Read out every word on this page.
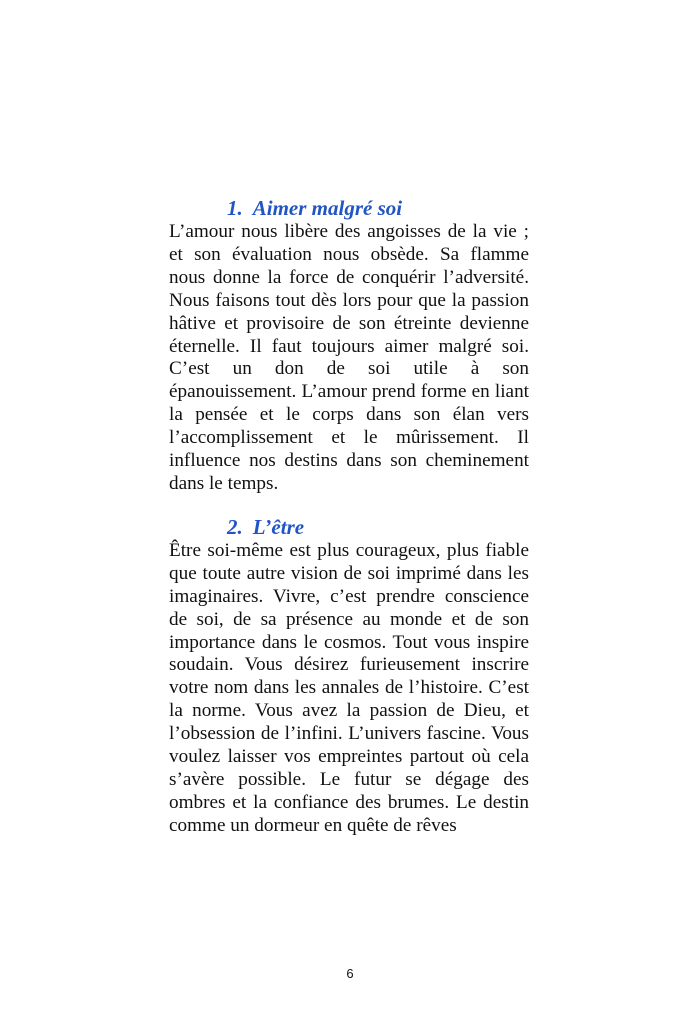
1. Aimer malgré soi

L’amour nous libère des angoisses de la vie ; et son évaluation nous obsède. Sa flamme nous donne la force de conquérir l’adversité. Nous faisons tout dès lors pour que la passion hâtive et provisoire de son étreinte devienne éternelle. Il faut toujours aimer malgré soi. C’est un don de soi utile à son épanouissement. L’amour prend forme en liant la pensée et le corps dans son élan vers l’accomplissement et le mûrissement. Il influence nos destins dans son cheminement dans le temps.

2. L’être

Être soi-même est plus courageux, plus fiable que toute autre vision de soi imprimé dans les imaginaires. Vivre, c’est prendre conscience de soi, de sa présence au monde et de son importance dans le cosmos. Tout vous inspire soudain. Vous désirez furieusement inscrire votre nom dans les annales de l’histoire. C’est la norme. Vous avez la passion de Dieu, et l’obsession de l’infini. L’univers fascine. Vous voulez laisser vos empreintes partout où cela s’avère possible. Le futur se dégage des ombres et la confiance des brumes. Le destin comme un dormeur en quête de rêves

6
